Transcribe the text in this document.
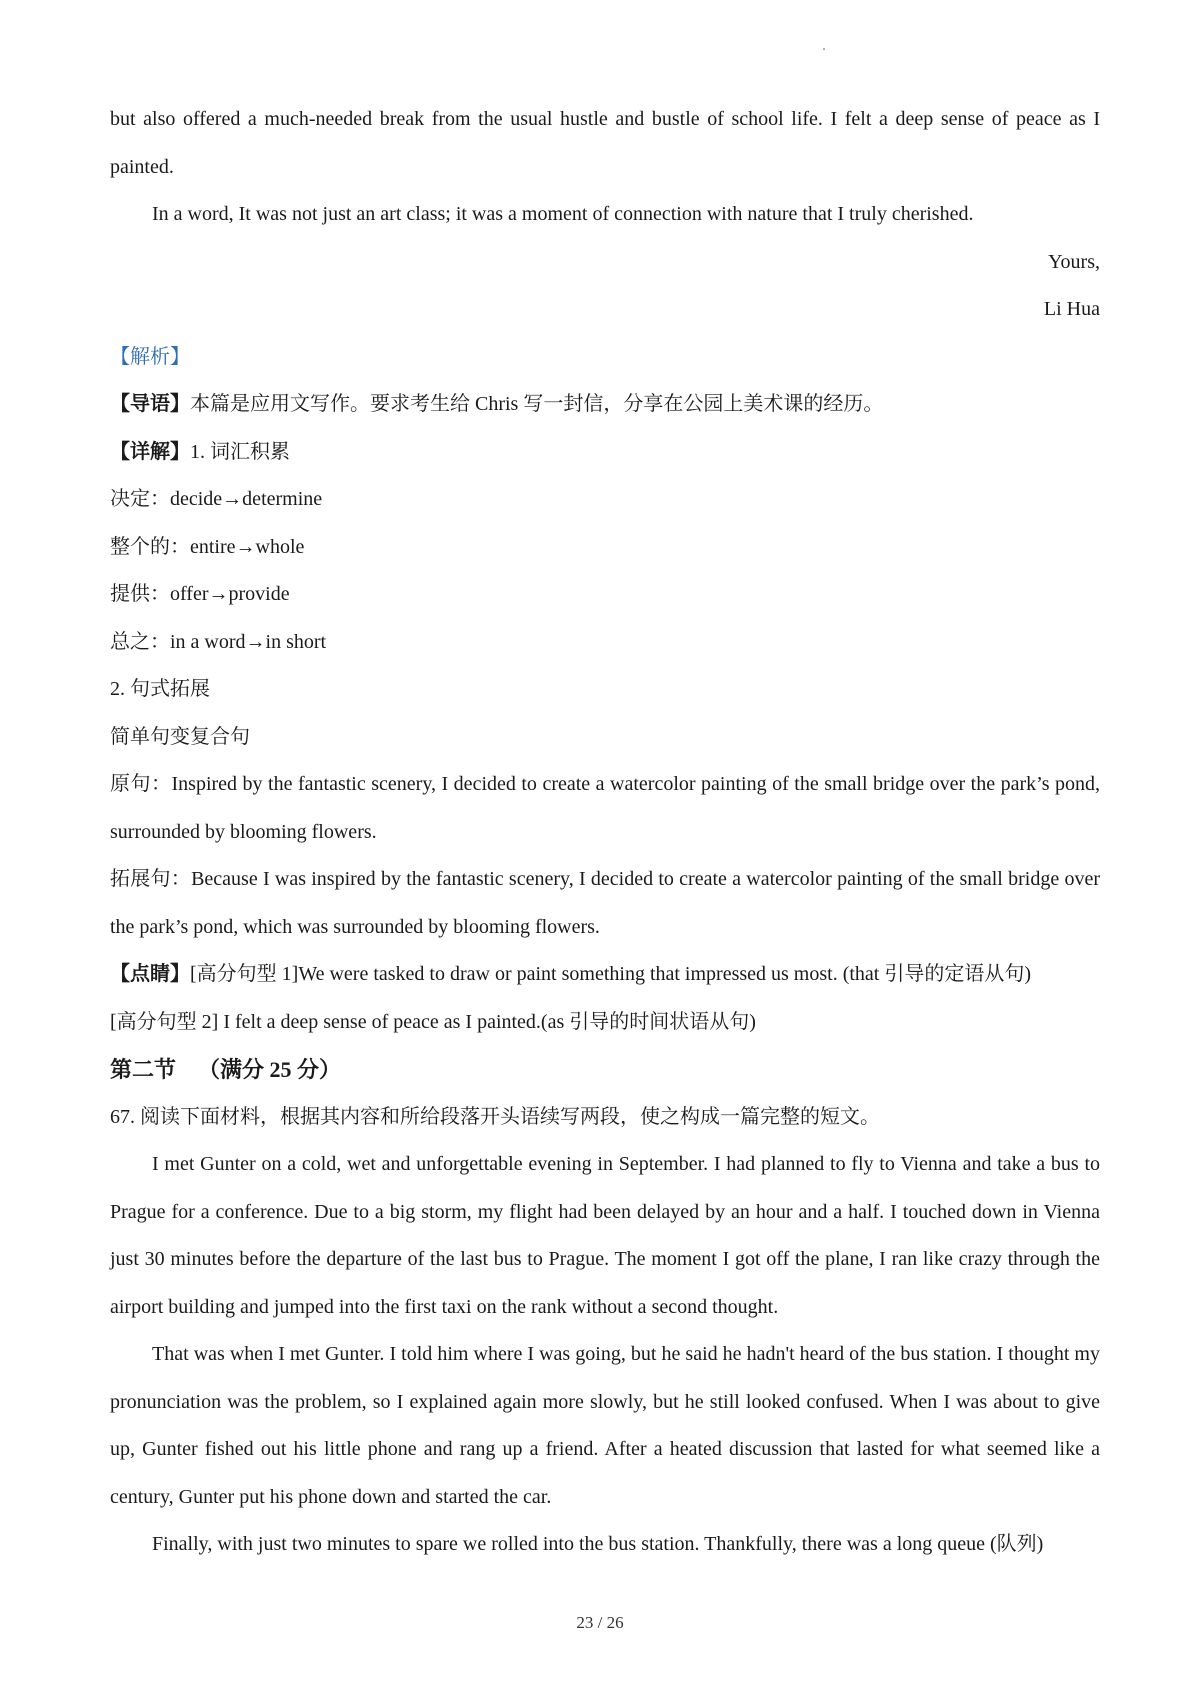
but also offered a much-needed break from the usual hustle and bustle of school life. I felt a deep sense of peace as I painted.

In a word, It was not just an art class; it was a moment of connection with nature that I truly cherished.

Yours,

Li Hua

【解析】

【导语】本篇是应用文写作。要求考生给 Chris 写一封信，分享在公园上美术课的经历。

【详解】1. 词汇积累

决定：decide→determine

整个的：entire→whole

提供：offer→provide

总之：in a word→in short

2. 句式拓展

简单句变复合句

原句：Inspired by the fantastic scenery, I decided to create a watercolor painting of the small bridge over the park’s pond, surrounded by blooming flowers.

拓展句：Because I was inspired by the fantastic scenery, I decided to create a watercolor painting of the small bridge over the park’s pond, which was surrounded by blooming flowers.

【点睛】[高分句型 1]We were tasked to draw or paint something that impressed us most. (that 引导的定语从句)

[高分句型 2] I felt a deep sense of peace as I painted.(as 引导的时间状语从句)

第二节 （满分 25 分）

67. 阅读下面材料，根据其内容和所给段落开头语续写两段，使之构成一篇完整的短文。

I met Gunter on a cold, wet and unforgettable evening in September. I had planned to fly to Vienna and take a bus to Prague for a conference. Due to a big storm, my flight had been delayed by an hour and a half. I touched down in Vienna just 30 minutes before the departure of the last bus to Prague. The moment I got off the plane, I ran like crazy through the airport building and jumped into the first taxi on the rank without a second thought.

That was when I met Gunter. I told him where I was going, but he said he hadn't heard of the bus station. I thought my pronunciation was the problem, so I explained again more slowly, but he still looked confused. When I was about to give up, Gunter fished out his little phone and rang up a friend. After a heated discussion that lasted for what seemed like a century, Gunter put his phone down and started the car.

Finally, with just two minutes to spare we rolled into the bus station. Thankfully, there was a long queue (队列)

23 / 26
